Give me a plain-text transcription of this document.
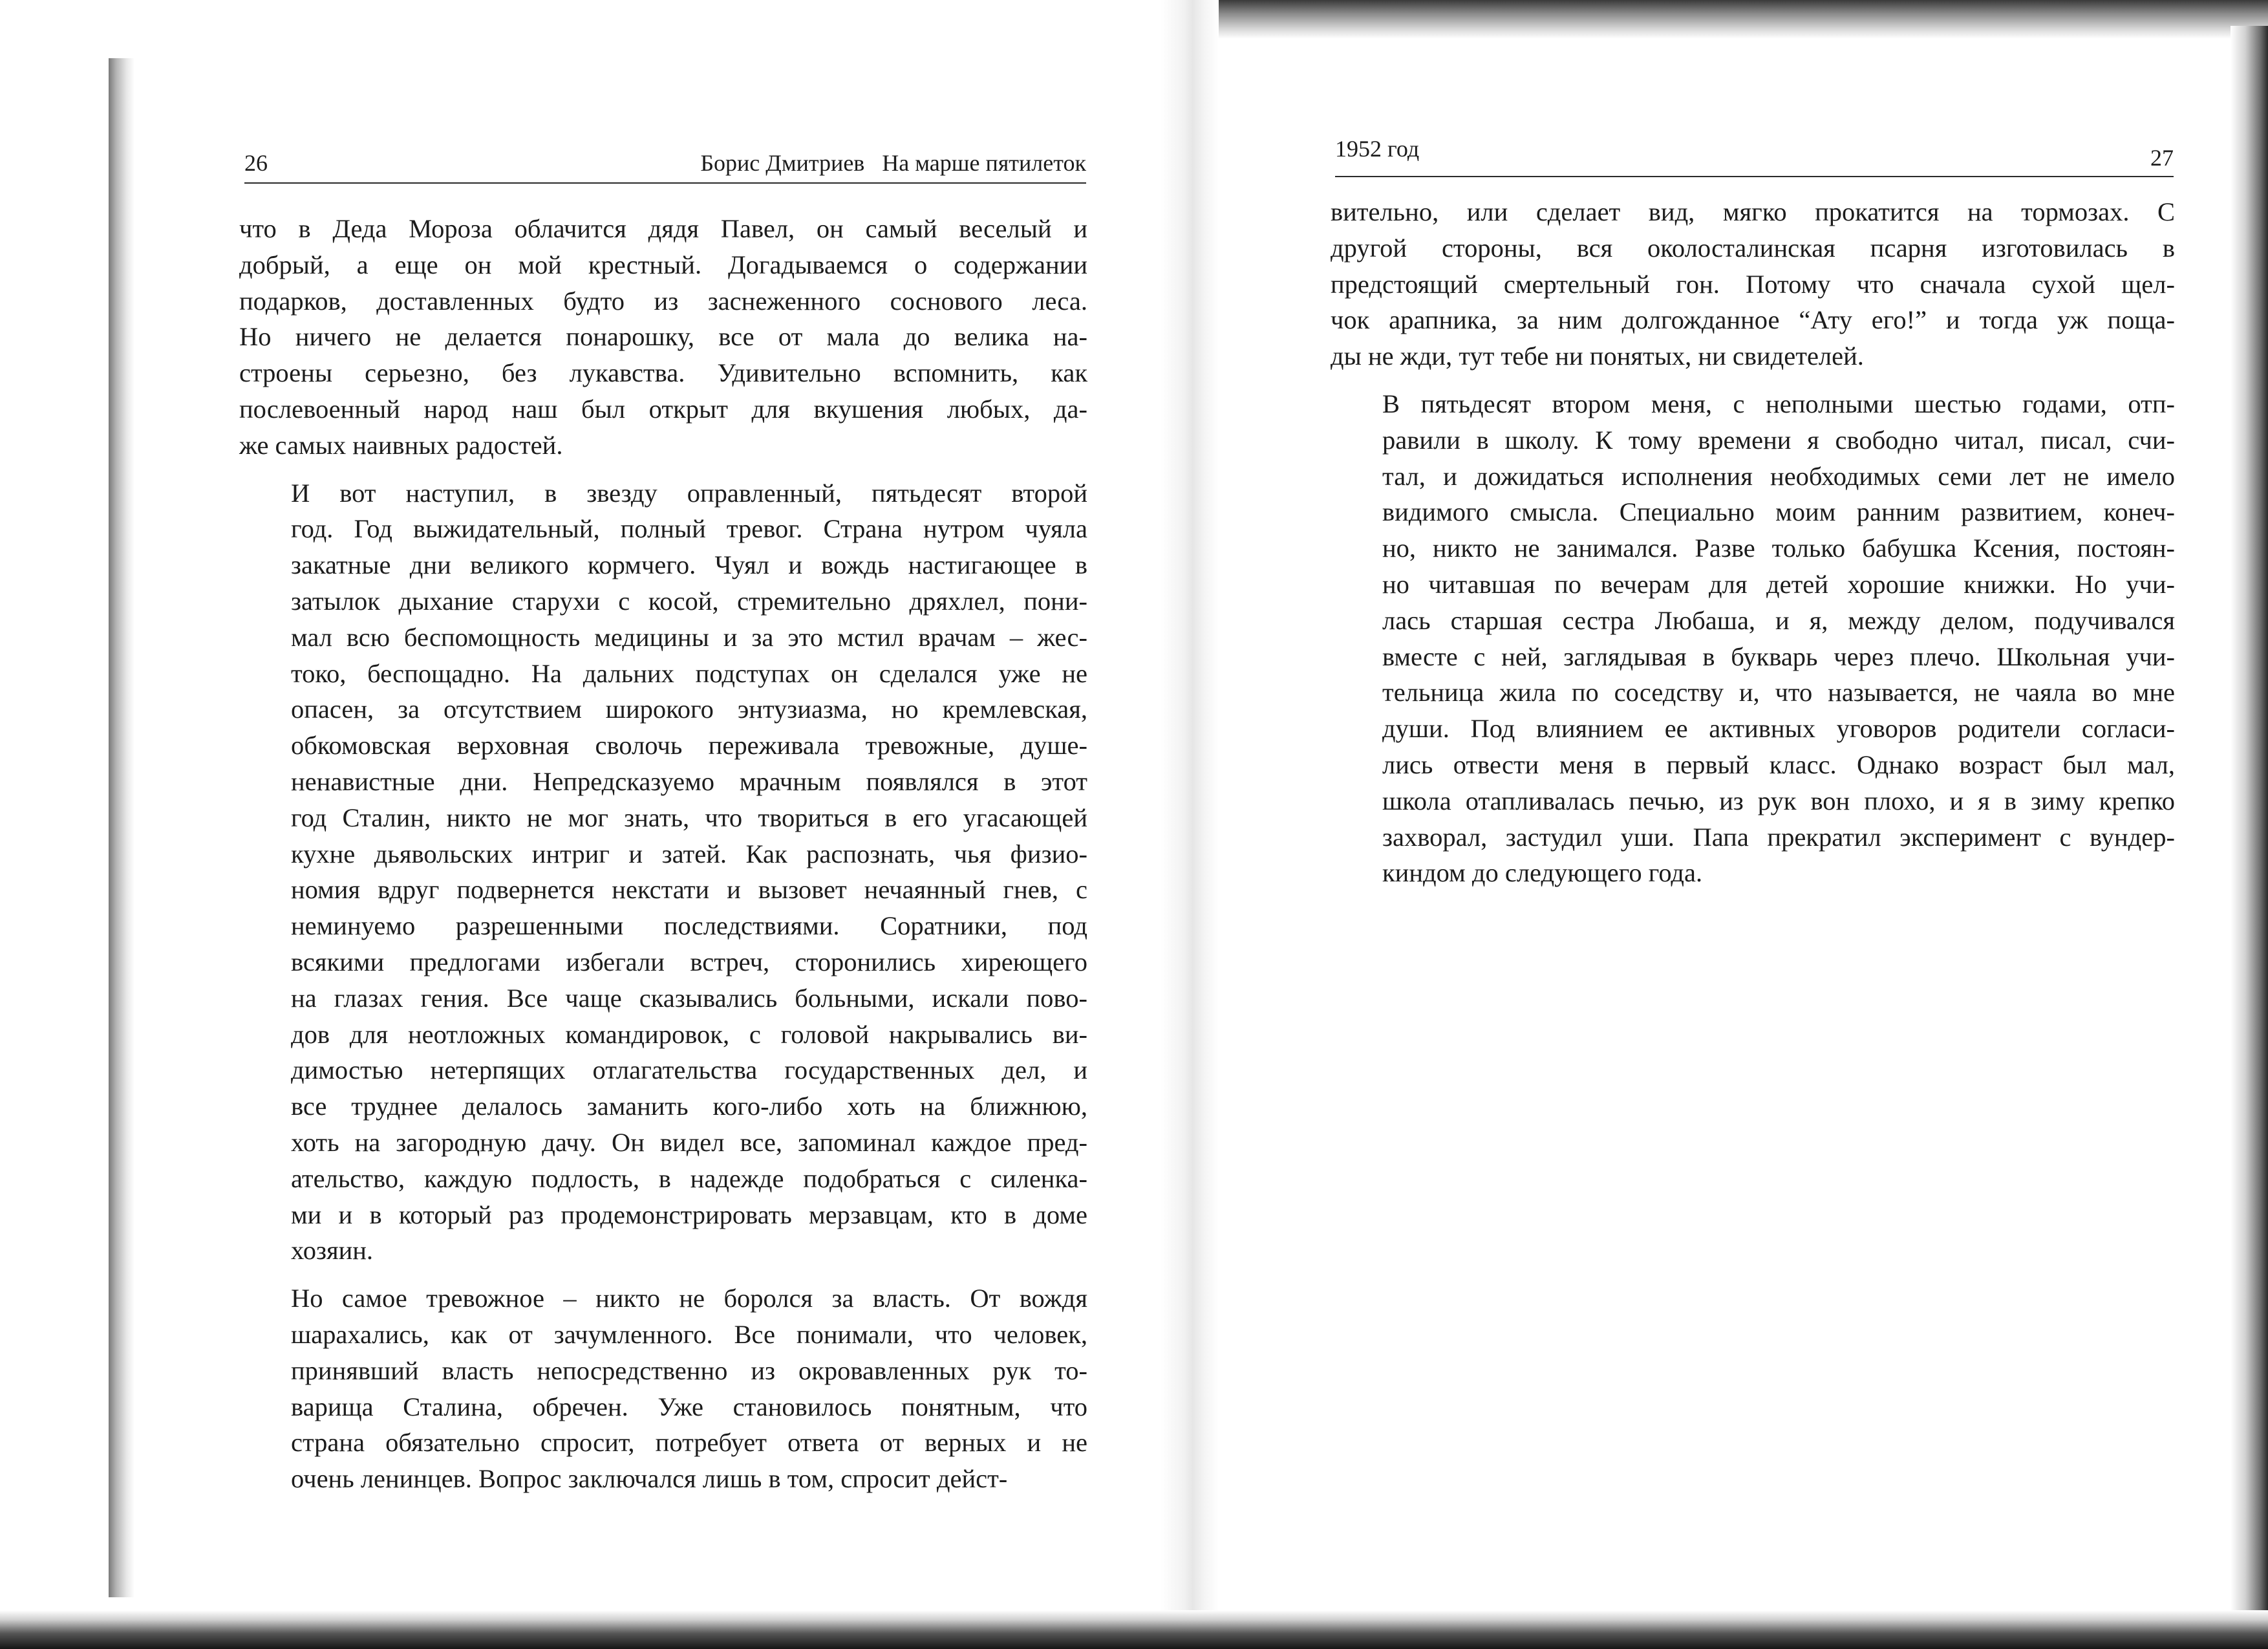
26	Борис Дмитриев   На марше пятилеток

что в Деда Мороза облачится дядя Павел, он самый веселый и
добрый, а еще он мой крестный. Догадываемся о содержании
подарков, доставленных будто из заснеженного соснового леса.
Но ничего не делается понарошку, все от мала до велика на-
строены серьезно, без лукавства. Удивительно вспомнить, как
послевоенный народ наш был открыт для вкушения любых, да-
же самых наивных радостей.

И вот наступил, в звезду оправленный, пятьдесят второй
год. Год выжидательный, полный тревог. Страна нутром чуяла
закатные дни великого кормчего. Чуял и вождь настигающее в
затылок дыхание старухи с косой, стремительно дряхлел, пони-
мал всю беспомощность медицины и за это мстил врачам – жес-
токо, беспощадно. На дальних подступах он сделался уже не
опасен, за отсутствием широкого энтузиазма, но кремлевская,
обкомовская верховная сволочь переживала тревожные, душе-
ненавистные дни. Непредсказуемо мрачным появлялся в этот
год Сталин, никто не мог знать, что твориться в его угасающей
кухне дьявольских интриг и затей. Как распознать, чья физио-
номия вдруг подвернется некстати и вызовет нечаянный гнев, с
неминуемо разрешенными последствиями. Соратники, под
всякими предлогами избегали встреч, сторонились хиреющего
на глазах гения. Все чаще сказывались больными, искали пово-
дов для неотложных командировок, с головой накрывались ви-
димостью нетерпящих отлагательства государственных дел, и
все труднее делалось заманить кого-либо хоть на ближнюю,
хоть на загородную дачу. Он видел все, запоминал каждое пред-
ательство, каждую подлость, в надежде подобраться с силенка-
ми и в который раз продемонстрировать мерзавцам, кто в доме
хозяин.

Но самое тревожное – никто не боролся за власть. От вождя
шарахались, как от зачумленного. Все понимали, что человек,
принявший власть непосредственно из окровавленных рук то-
варища Сталина, обречен. Уже становилось понятным, что
страна обязательно спросит, потребует ответа от верных и не
очень ленинцев. Вопрос заключался лишь в том, спросит дейст-

1952 год	27

вительно, или сделает вид, мягко прокатится на тормозах. С
другой стороны, вся околосталинская псарня изготовилась в
предстоящий смертельный гон. Потому что сначала сухой щел-
чок арапника, за ним долгожданное “Ату его!” и тогда уж поща-
ды не жди, тут тебе ни понятых, ни свидетелей.

В пятьдесят втором меня, с неполными шестью годами, отп-
равили в школу. К тому времени я свободно читал, писал, счи-
тал, и дожидаться исполнения необходимых семи лет не имело
видимого смысла. Специально моим ранним развитием, конеч-
но, никто не занимался. Разве только бабушка Ксения, постоян-
но читавшая по вечерам для детей хорошие книжки. Но учи-
лась старшая сестра Любаша, и я, между делом, подучивался
вместе с ней, заглядывая в букварь через плечо. Школьная учи-
тельница жила по соседству и, что называется, не чаяла во мне
души. Под влиянием ее активных уговоров родители согласи-
лись отвести меня в первый класс. Однако возраст был мал,
школа отапливалась печью, из рук вон плохо, и я в зиму крепко
захворал, застудил уши. Папа прекратил эксперимент с вундер-
киндом до следующего года.
